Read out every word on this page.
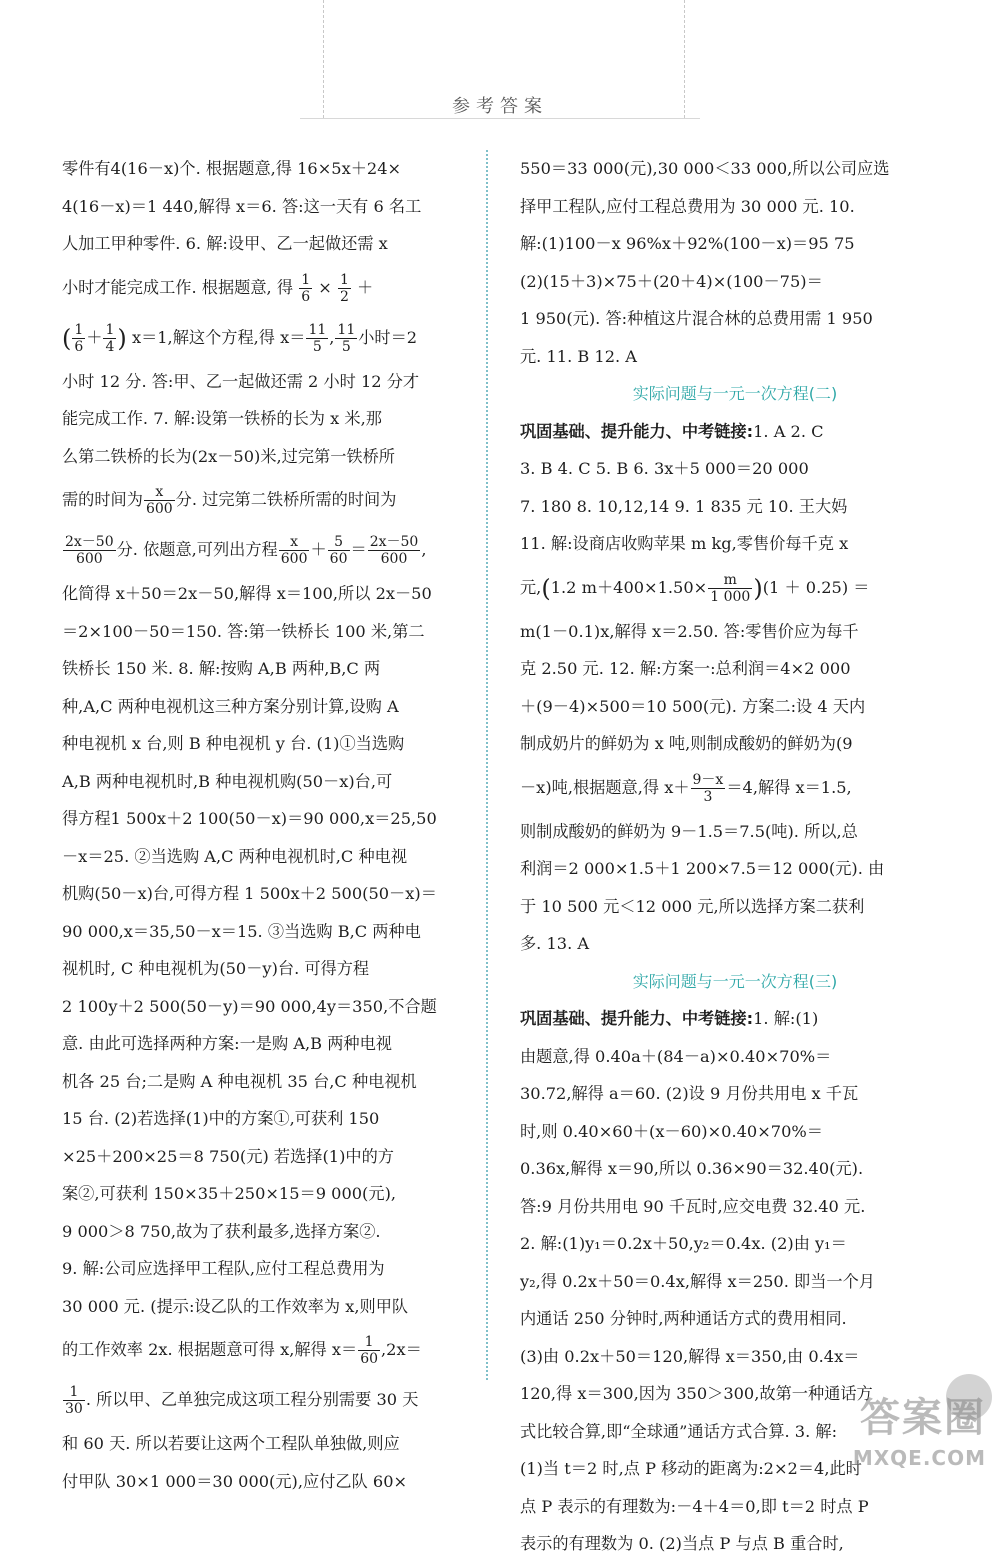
参考答案
零件有4(16－x)个. 根据题意,得 16×5x＋24×
4(16－x)＝1 440,解得 x＝6. 答:这一天有 6 名工
人加工甲种零件. 6. 解:设甲、乙一起做还需 x
小时才能完成工作. 根据题意, 得 $\frac{1}{6} \times \frac{1}{2}$ ＋
( $\frac{1}{6} + \frac{1}{4}$ ) x＝1,解这个方程,得 $x= \frac{11}{5}$ , $\frac{11}{5}$ 小时＝2
小时 12 分. 答:甲、乙一起做还需 2 小时 12 分才
能完成工作. 7. 解:设第一铁桥的长为 x 米,那
么第二铁桥的长为(2x－50)米,过完第一铁桥所
需的时间为 $\frac{x}{600}$ 分. 过完第二铁桥所需的时间为
$\frac{2x-50}{600}$ 分. 依题意,可列出方程 $\frac{x}{600} + \frac{5}{60} = \frac{2x-50}{600}$ ,
化简得 x＋50＝2x－50,解得 x＝100,所以 2x－50
＝2×100－50＝150. 答:第一铁桥长 100 米,第二
铁桥长 150 米. 8. 解:按购 A,B 两种,B,C 两
种,A,C 两种电视机这三种方案分别计算,设购 A
种电视机 x 台,则 B 种电视机 y 台. (1)①当选购
A,B 两种电视机时,B 种电视机购(50－x)台,可
得方程1 500x＋2 100(50－x)＝90 000,x＝25,50
－x＝25. ②当选购 A,C 两种电视机时,C 种电视
机购(50－x)台,可得方程 1 500x＋2 500(50－x)＝
90 000,x＝35,50－x＝15. ③当选购 B,C 两种电
视机时, C 种电视机为(50－y)台. 可得方程
2 100y＋2 500(50－y)＝90 000,4y＝350,不合题
意. 由此可选择两种方案:一是购 A,B 两种电视
机各 25 台;二是购 A 种电视机 35 台,C 种电视机
15 台. (2)若选择(1)中的方案①,可获利 150
×25＋200×25＝8 750(元) 若选择(1)中的方
案②,可获利 150×35＋250×15＝9 000(元),
9 000＞8 750,故为了获利最多,选择方案②.
9. 解:公司应选择甲工程队,应付工程总费用为
30 000 元. (提示:设乙队的工作效率为 x,则甲队
的工作效率 2x. 根据题意可得 x,解得 $x= \frac{1}{60} ,2x=$
$\frac{1}{30}$ . 所以甲、乙单独完成这项工程分别需要 30 天
和 60 天. 所以若要让这两个工程队单独做,则应
付甲队 30×1 000＝30 000(元),应付乙队 60×
550＝33 000(元),30 000＜33 000,所以公司应选
择甲工程队,应付工程总费用为 30 000 元. 10.
解:(1)100－x 96%x＋92%(100－x)＝95 75
(2)(15＋3)×75＋(20＋4)×(100－75)＝
1 950(元). 答:种植这片混合林的总费用需 1 950
元. 11. B 12. A
实际问题与一元一次方程(二)
巩固基础、提升能力、中考链接:1. A 2. C
3. B 4. C 5. B 6. 3x＋5 000＝20 000
7. 180 8. 10,12,14 9. 1 835 元 10. 王大妈
11. 解:设商店收购苹果 m kg,零售价每千克 x
元,(1.2 $m+400\times 1.50\times \frac{m}{1 000} )(1 + 0.25)$ ＝
m(1－0.1)x,解得 x＝2.50. 答:零售价应为每千
克 2.50 元. 12. 解:方案一:总利润＝4×2 000
＋(9－4)×500＝10 500(元). 方案二:设 4 天内
制成奶片的鲜奶为 x 吨,则制成酸奶的鲜奶为(9
－x)吨,根据题意,得 $x+ \frac{9-x}{3} =4$,解得 x＝1.5,
则制成酸奶的鲜奶为 9－1.5＝7.5(吨). 所以,总
利润＝2 000×1.5＋1 200×7.5＝12 000(元). 由
于 10 500 元＜12 000 元,所以选择方案二获利
多. 13. A
实际问题与一元一次方程(三)
巩固基础、提升能力、中考链接:1. 解:(1)
由题意,得 0.40a＋(84－a)×0.40×70%＝
30.72,解得 a＝60. (2)设 9 月份共用电 x 千瓦
时,则 0.40×60＋(x－60)×0.40×70%＝
0.36x,解得 x＝90,所以 0.36×90＝32.40(元).
答:9 月份共用电 90 千瓦时,应交电费 32.40 元.
2. 解:(1)y₁＝0.2x＋50,y₂＝0.4x. (2)由 y₁＝
y₂,得 0.2x＋50＝0.4x,解得 x＝250. 即当一个月
内通话 250 分钟时,两种通话方式的费用相同.
(3)由 0.2x＋50＝120,解得 x＝350,由 0.4x＝
120,得 x＝300,因为 350＞300,故第一种通话方
式比较合算,即“全球通”通话方式合算. 3. 解:
(1)当 t＝2 时,点 P 移动的距离为:2×2＝4,此时
点 P 表示的有理数为:－4＋4＝0,即 t＝2 时点 P
表示的有理数为 0. (2)当点 P 与点 B 重合时,
答案圈
MXQE.COM
